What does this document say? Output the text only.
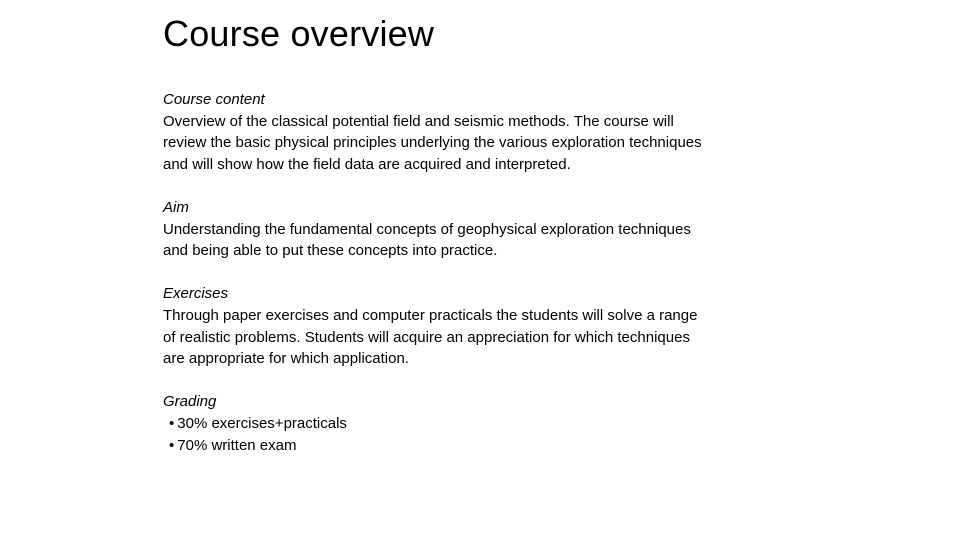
Course overview
Course content
Overview of the classical potential field and seismic methods. The course will
review the basic physical principles underlying the various exploration techniques
and will show how the field data are acquired and interpreted.
Aim
Understanding the fundamental concepts of geophysical exploration techniques
and being able to put these concepts into practice.
Exercises
Through paper exercises and computer practicals the students will solve a range
of realistic problems. Students will acquire an appreciation for which techniques
are appropriate for which application.
Grading
• 30% exercises+practicals
• 70% written exam
